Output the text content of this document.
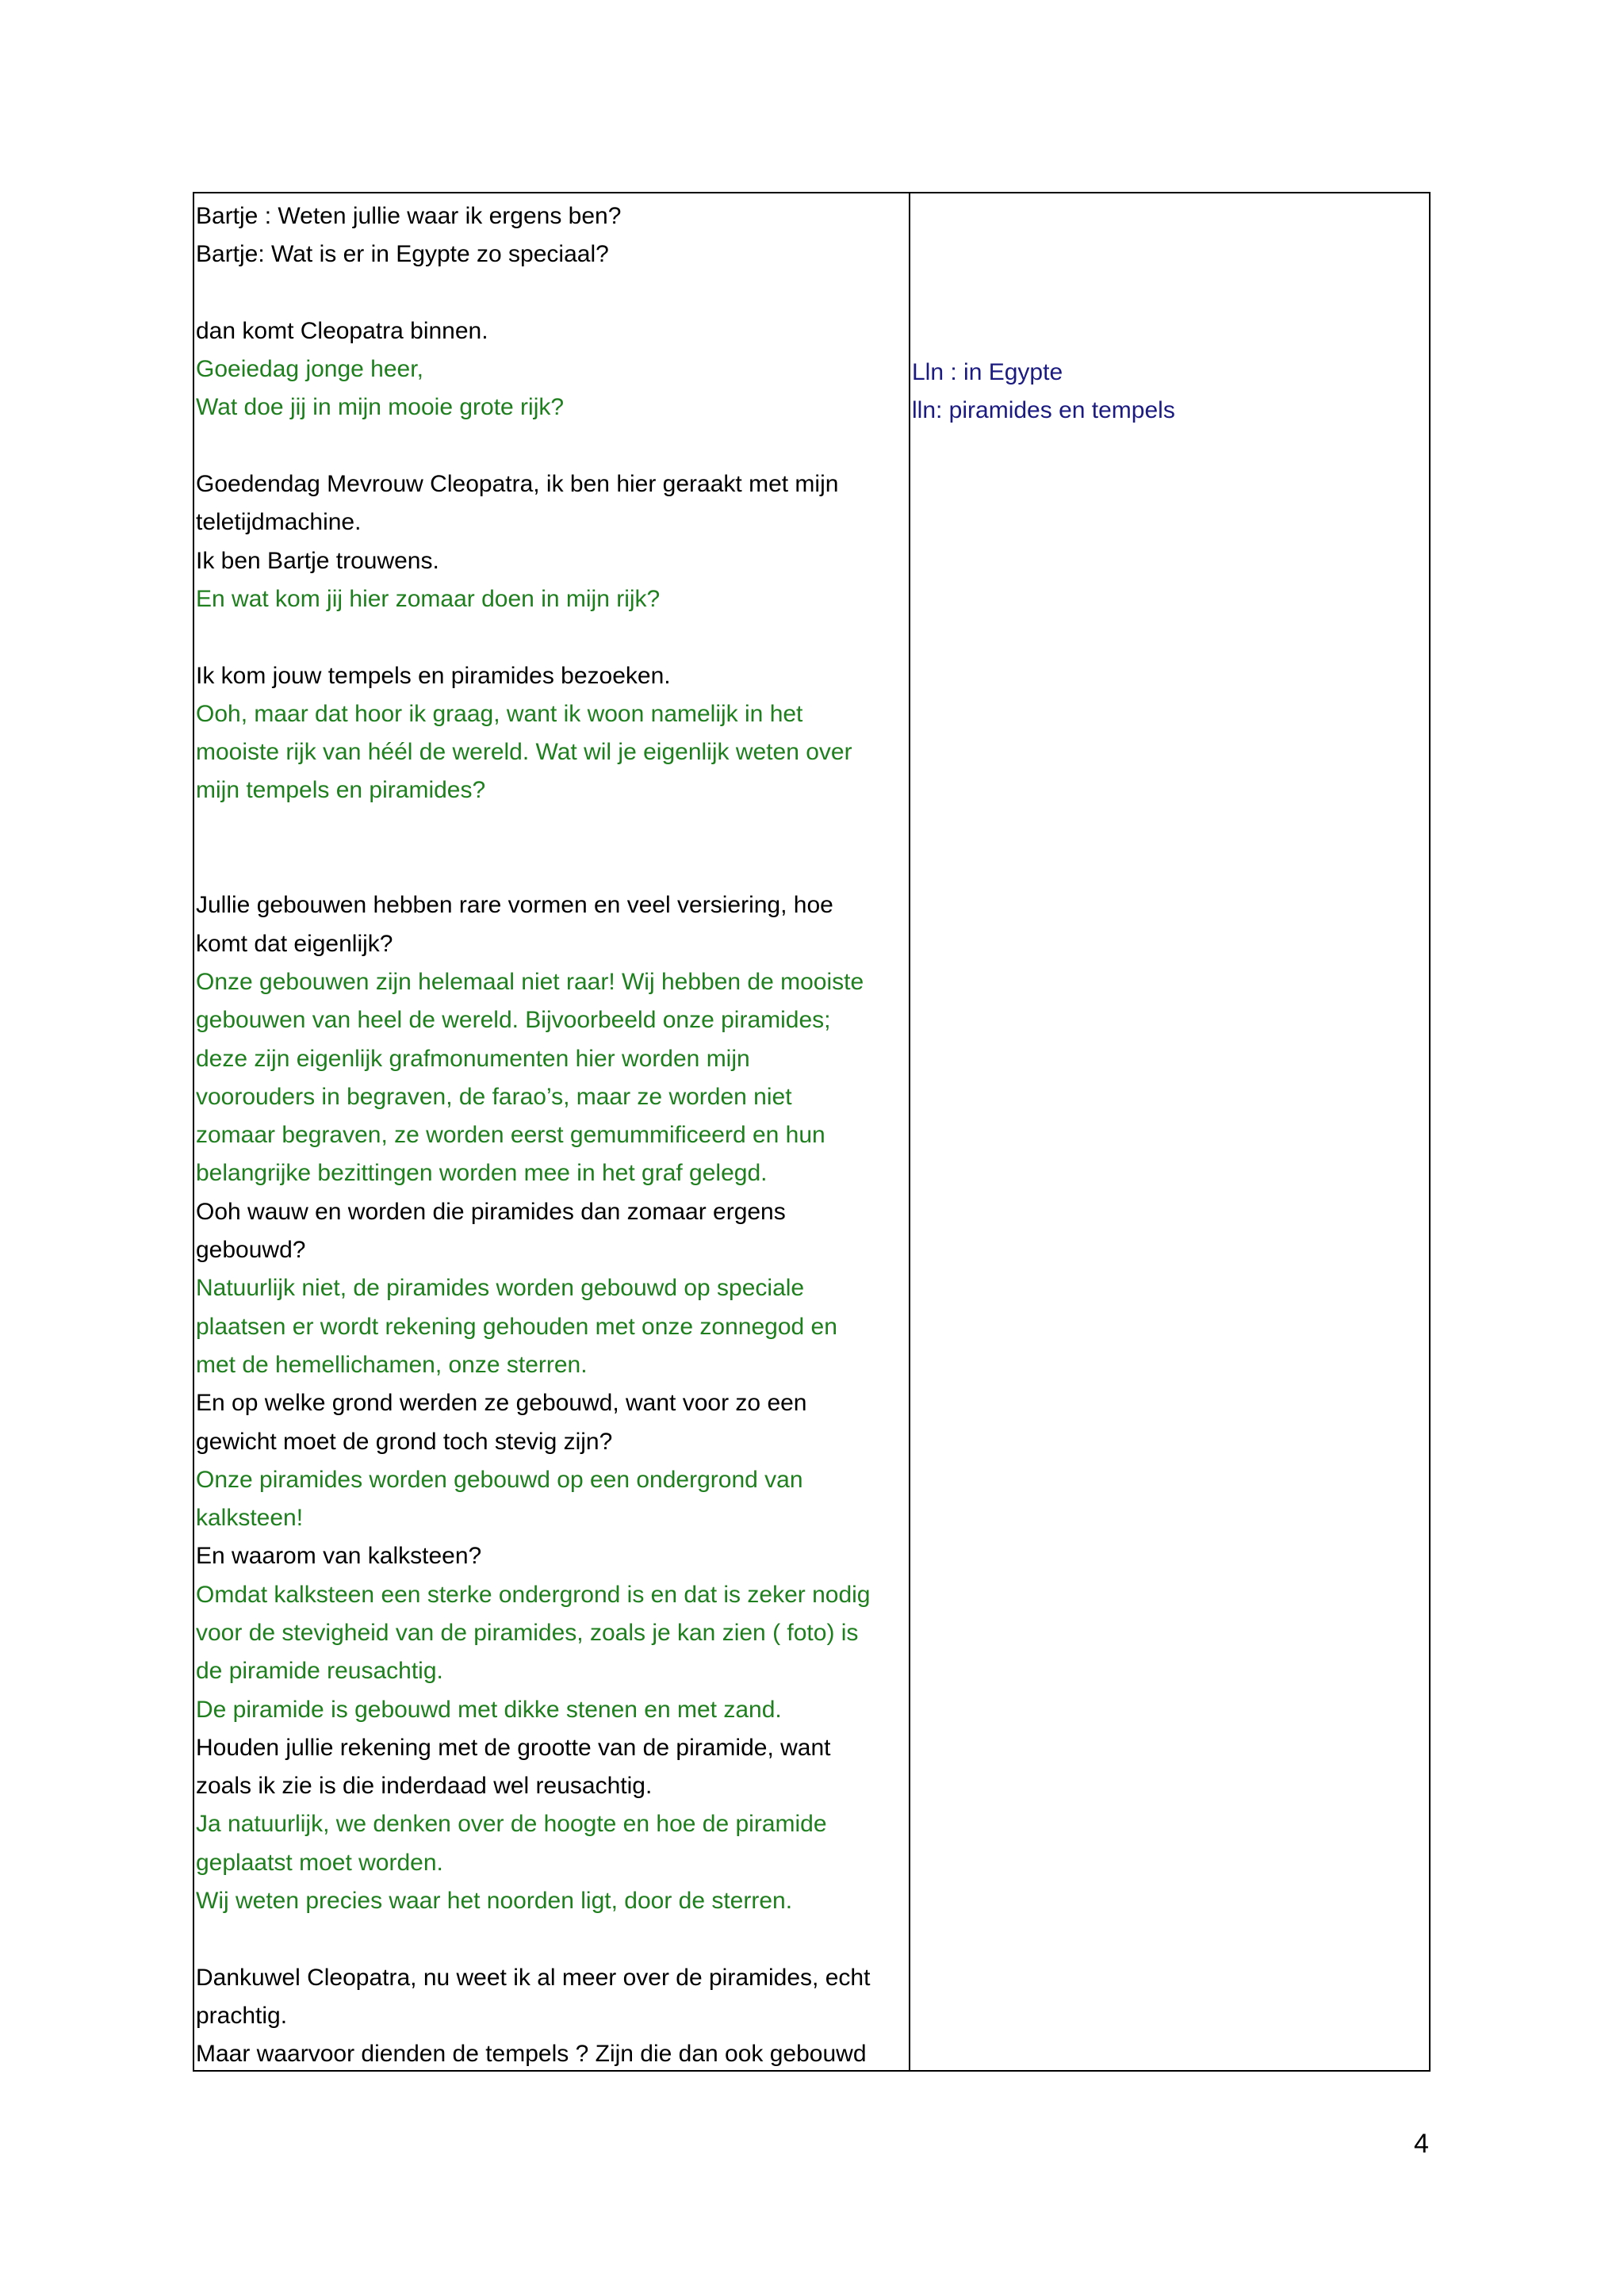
Bartje : Weten jullie waar ik ergens ben?
Bartje: Wat is er in Egypte zo speciaal?
dan komt Cleopatra binnen.
Goeiedag jonge heer,
Wat doe jij in mijn mooie grote rijk?
Goedendag Mevrouw Cleopatra, ik ben hier geraakt met mijn
teletijdmachine.
Ik ben Bartje trouwens.
En wat kom jij hier zomaar doen in mijn rijk?
Ik kom jouw tempels en piramides bezoeken.
Ooh, maar dat hoor ik graag, want ik woon namelijk in het
mooiste rijk van héél de wereld. Wat wil je eigenlijk weten over
mijn tempels en piramides?
Jullie gebouwen hebben rare vormen en veel versiering, hoe
komt dat eigenlijk?
Onze gebouwen zijn helemaal niet raar! Wij hebben de mooiste
gebouwen van heel de wereld. Bijvoorbeeld onze piramides;
deze zijn eigenlijk grafmonumenten hier worden mijn
voorouders in begraven, de farao’s, maar ze worden niet
zomaar begraven, ze worden eerst gemummificeerd en hun
belangrijke bezittingen worden mee in het graf gelegd.
Ooh wauw en worden die piramides dan zomaar ergens
gebouwd?
Natuurlijk niet, de piramides worden gebouwd op speciale
plaatsen er wordt rekening gehouden met onze zonnegod en
met de hemellichamen, onze sterren.
En op welke grond werden ze gebouwd, want voor zo een
gewicht moet de grond toch stevig zijn?
Onze piramides worden gebouwd op een ondergrond van
kalksteen!
En waarom van kalksteen?
Omdat kalksteen een sterke ondergrond is en dat is zeker nodig
voor de stevigheid van de piramides, zoals je kan zien ( foto) is
de piramide reusachtig.
De piramide is gebouwd met dikke stenen en met zand.
Houden jullie rekening met de grootte van de piramide, want
zoals ik zie is die inderdaad wel reusachtig.
Ja natuurlijk, we denken over de hoogte en hoe de piramide
geplaatst moet worden.
Wij weten precies waar het noorden ligt, door de sterren.
Dankuwel Cleopatra, nu weet ik al meer over de piramides, echt
prachtig.
Maar waarvoor dienden de tempels ? Zijn die dan ook gebouwd
Lln : in Egypte
lln: piramides en tempels
4
